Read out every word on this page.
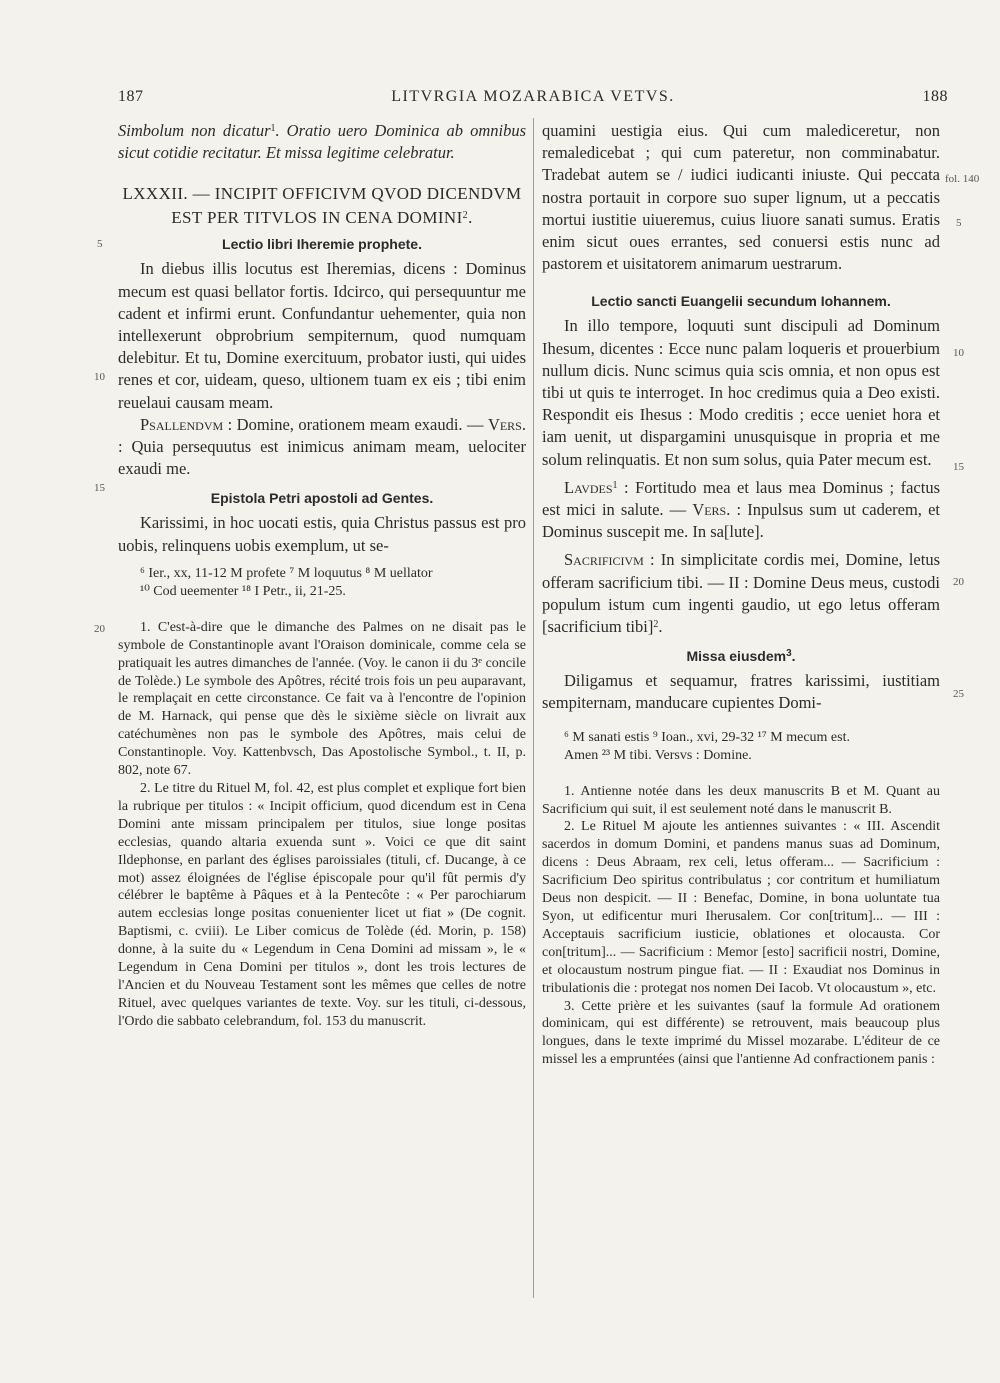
187	LITVRGIA MOZARABICA VETVS.	188

Simbolum non dicatur$^1$. Oratio uero Dominica ab omnibus sicut cotidie recitatur. Et missa legitime celebratur.

LXXXII. — INCIPIT OFFICIVM QVOD DICENDVM EST PER TITVLOS IN CENA DOMINI$^2$.
Lectio libri Iheremie prophete.

In diebus illis locutus est Iheremias, dicens : Dominus mecum est quasi bellator fortis. Idcirco, qui persequuntur me cadent et infirmi erunt. Confundantur uehementer, quia non intellexerunt obprobrium sempiternum, quod numquam delebitur. Et tu, Domine exercituum, probator iusti, qui uides renes et cor, uideam, queso, ultionem tuam ex eis ; tibi enim reuelaui causam meam.

Psallendvm : Domine, orationem meam exaudi. — Vers. : Quia persequutus est inimicus animam meam, uelociter exaudi me.

Epistola Petri apostoli ad Gentes.

Karissimi, in hoc uocati estis, quia Christus passus est pro uobis, relinquens uobis exemplum, ut se-

⁶ Ier., xx, 11-12 M profete ⁷ M loquutus ⁸ M uellator

¹⁰ Cod ueementer ¹⁸ I Petr., ii, 21-25.

1. C'est-à-dire que le dimanche des Palmes on ne disait pas le symbole de Constantinople avant l'Oraison dominicale, comme cela se pratiquait les autres dimanches de l'année. (Voy. le canon ii du 3ᵉ concile de Tolède.) Le symbole des Apôtres, récité trois fois un peu auparavant, le remplaçait en cette circonstance. Ce fait va à l'encontre de l'opinion de M. Harnack, qui pense que dès le sixième siècle on livrait aux catéchumènes non pas le symbole des Apôtres, mais celui de Constantinople. Voy. Kattenbvsch, Das Apostolische Symbol., t. II, p. 802, note 67.

2. Le titre du Rituel M, fol. 42, est plus complet et explique fort bien la rubrique per titulos : « Incipit officium, quod dicendum est in Cena Domini ante missam principalem per titulos, siue longe positas ecclesias, quando altaria exuenda sunt ». Voici ce que dit saint Ildephonse, en parlant des églises paroissiales (tituli, cf. Ducange, à ce mot) assez éloignées de l'église épiscopale pour qu'il fût permis d'y célébrer le baptême à Pâques et à la Pentecôte : « Per parochiarum autem ecclesias longe positas conuenienter licet ut fiat » (De cognit. Baptismi, c. cviii). Le Liber comicus de Tolède (éd. Morin, p. 158) donne, à la suite du « Legendum in Cena Domini ad missam », le « Legendum in Cena Domini per titulos », dont les trois lectures de l'Ancien et du Nouveau Testament sont les mêmes que celles de notre Rituel, avec quelques variantes de texte. Voy. sur les tituli, ci-dessous, l'Ordo die sabbato celebrandum, fol. 153 du manuscrit.

quamini uestigia eius. Qui cum malediceretur, non remaledicebat ; qui cum pateretur, non comminabatur. Tradebat autem se / iudici iudicanti iniuste. Qui peccata nostra portauit in corpore suo super lignum, ut a peccatis mortui iustitie uiueremus, cuius liuore sanati sumus. Eratis enim sicut oues errantes, sed conuersi estis nunc ad pastorem et uisitatorem animarum uestrarum.

Lectio sancti Euangelii secundum Iohannem.

In illo tempore, loquuti sunt discipuli ad Dominum Ihesum, dicentes : Ecce nunc palam loqueris et prouerbium nullum dicis. Nunc scimus quia scis omnia, et non opus est tibi ut quis te interroget. In hoc credimus quia a Deo existi. Respondit eis Ihesus : Modo creditis ; ecce ueniet hora et iam uenit, ut dispargamini unusquisque in propria et me solum relinquatis. Et non sum solus, quia Pater mecum est.

Lavdes$^1$ : Fortitudo mea et laus mea Dominus ; factus est mici in salute. — Vers. : Inpulsus sum ut caderem, et Dominus suscepit me. In sa[lute].

Sacrificivm : In simplicitate cordis mei, Domine, letus offeram sacrificium tibi. — II : Domine Deus meus, custodi populum istum cum ingenti gaudio, ut ego letus offeram [sacrificium tibi]$^2$.

Missa eiusdem$^3$.

Diligamus et sequamur, fratres karissimi, iustitiam sempiternam, manducare cupientes Domi-

⁶ M sanati estis ⁹ Ioan., xvi, 29-32 ¹⁷ M mecum est.

Amen ²³ M tibi. Versvs : Domine.

1. Antienne notée dans les deux manuscrits B et M. Quant au Sacrificium qui suit, il est seulement noté dans le manuscrit B.

2. Le Rituel M ajoute les antiennes suivantes : « III. Ascendit sacerdos in domum Domini, et pandens manus suas ad Dominum, dicens : Deus Abraam, rex celi, letus offeram... — Sacrificium : Sacrificium Deo spiritus contribulatus ; cor contritum et humiliatum Deus non despicit. — II : Benefac, Domine, in bona uoluntate tua Syon, ut edificentur muri Iherusalem. Cor con[tritum]... — III : Acceptauis sacrificium iusticie, oblationes et olocausta. Cor con[tritum]... — Sacrificium : Memor [esto] sacrificii nostri, Domine, et olocaustum nostrum pingue fiat. — II : Exaudiat nos Dominus in tribulationis die : protegat nos nomen Dei Iacob. Vt olocaustum », etc.

3. Cette prière et les suivantes (sauf la formule Ad orationem dominicam, qui est différente) se retrouvent, mais beaucoup plus longues, dans le texte imprimé du Missel mozarabe. L'éditeur de ce missel les a empruntées (ainsi que l'antienne Ad confractionem panis :

5
10
15
20
fol. 140
5
10
15
20
25
